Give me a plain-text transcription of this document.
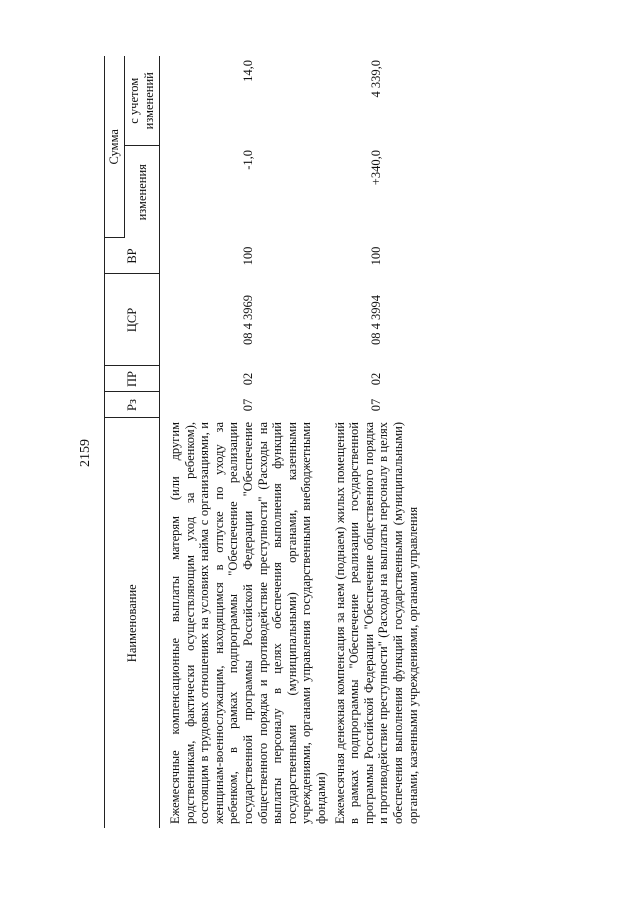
2159
Наименование	Рз	ПР	ЦСР	ВР	Сумма	
					изменения	с учетом изменений

Ежемесячные компенсационные выплаты матерям (или другим родственникам, фактически осуществляющим уход за ребенком), состоящим в трудовых отношениях на условиях найма с организациями, и женщинам-военнослужащим, находящимся в отпуске по уходу за ребенком, в рамках подпрограммы "Обеспечение реализации государственной программы Российской Федерации "Обеспечение общественного порядка и противодействие преступности" (Расходы на выплаты персоналу в целях обеспечения выполнения функций государственными (муниципальными) органами, казенными учреждениями, органами управления государственными внебюджетными фондами)	07	02	08 4 3969	100	-1,0	14,0
Ежемесячная денежная компенсация за наем (поднаем) жилых помещений в рамках подпрограммы "Обеспечение реализации государственной программы Российской Федерации "Обеспечение общественного порядка и противодействие преступности" (Расходы на выплаты персоналу в целях обеспечения выполнения функций государственными (муниципальными) органами, казенными учреждениями, органами управления	07	02	08 4 3994	100	+340,0	4 339,0
